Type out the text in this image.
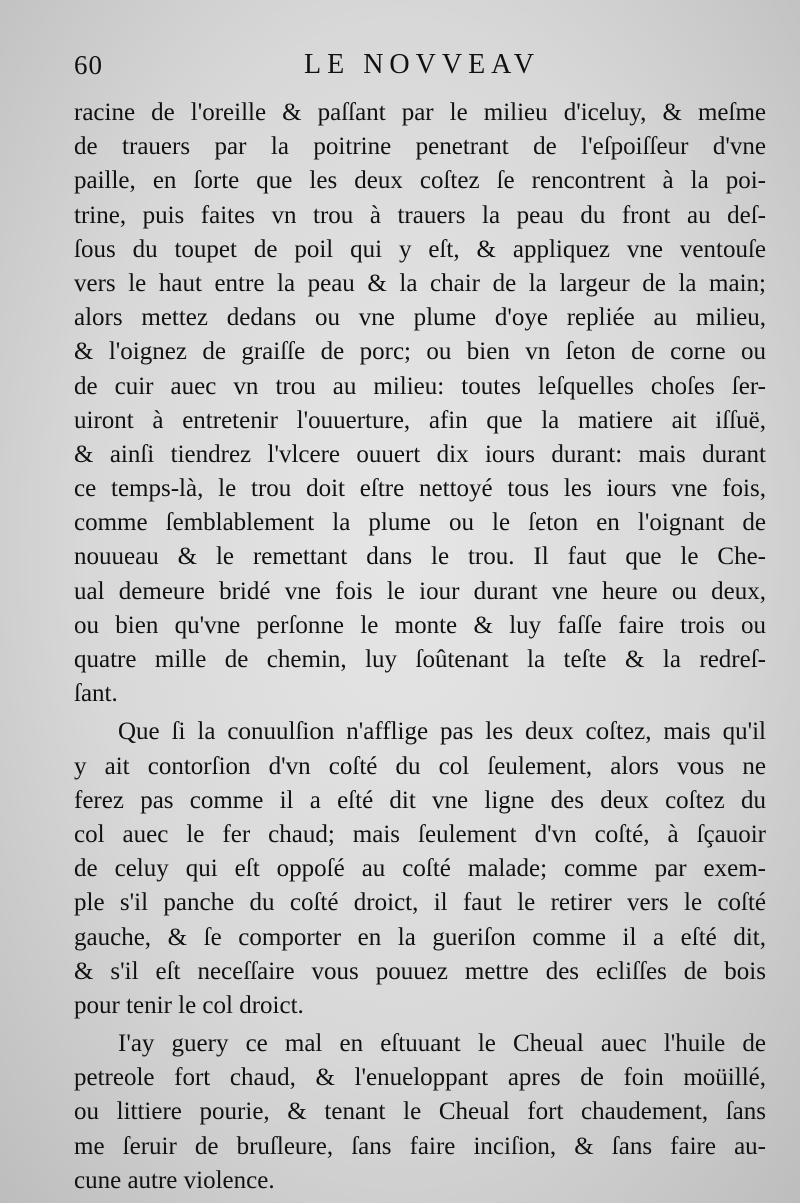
60	LE NOVVEAV
racine de l'oreille & paſſant par le milieu d'iceluy, & meſme
de trauers par la poitrine penetrant de l'eſpoiſſeur d'vne
paille, en ſorte que les deux coſtez ſe rencontrent à la poi-
trine, puis faites vn trou à trauers la peau du front au deſ-
ſous du toupet de poil qui y eſt, & appliquez vne ventouſe
vers le haut entre la peau & la chair de la largeur de la main;
alors mettez dedans ou vne plume d'oye repliée au milieu,
& l'oignez de graiſſe de porc; ou bien vn ſeton de corne ou
de cuir auec vn trou au milieu: toutes leſquelles choſes ſer-
uiront à entretenir l'ouuerture, afin que la matiere ait iſſuë,
& ainſi tiendrez l'vlcere ouuert dix iours durant: mais durant
ce temps-là, le trou doit eſtre nettoyé tous les iours vne fois,
comme ſemblablement la plume ou le ſeton en l'oignant de
nouueau & le remettant dans le trou. Il faut que le Che-
ual demeure bridé vne fois le iour durant vne heure ou deux,
ou bien qu'vne perſonne le monte & luy faſſe faire trois ou
quatre mille de chemin, luy ſoûtenant la teſte & la redreſ-
ſant.
Que ſi la conuulſion n'afflige pas les deux coſtez, mais qu'il
y ait contorſion d'vn coſté du col ſeulement, alors vous ne
ferez pas comme il a eſté dit vne ligne des deux coſtez du
col auec le fer chaud; mais ſeulement d'vn coſté, à ſçauoir
de celuy qui eſt oppoſé au coſté malade; comme par exem-
ple s'il panche du coſté droict, il faut le retirer vers le coſté
gauche, & ſe comporter en la gueriſon comme il a eſté dit,
& s'il eſt neceſſaire vous pouuez mettre des ecliſſes de bois
pour tenir le col droict.
I'ay guery ce mal en eſtuuant le Cheual auec l'huile de
petreole fort chaud, & l'enueloppant apres de foin moüillé,
ou littiere pourie, & tenant le Cheual fort chaudement, ſans
me ſeruir de bruſleure, ſans faire inciſion, & ſans faire au-
cune autre violence.
